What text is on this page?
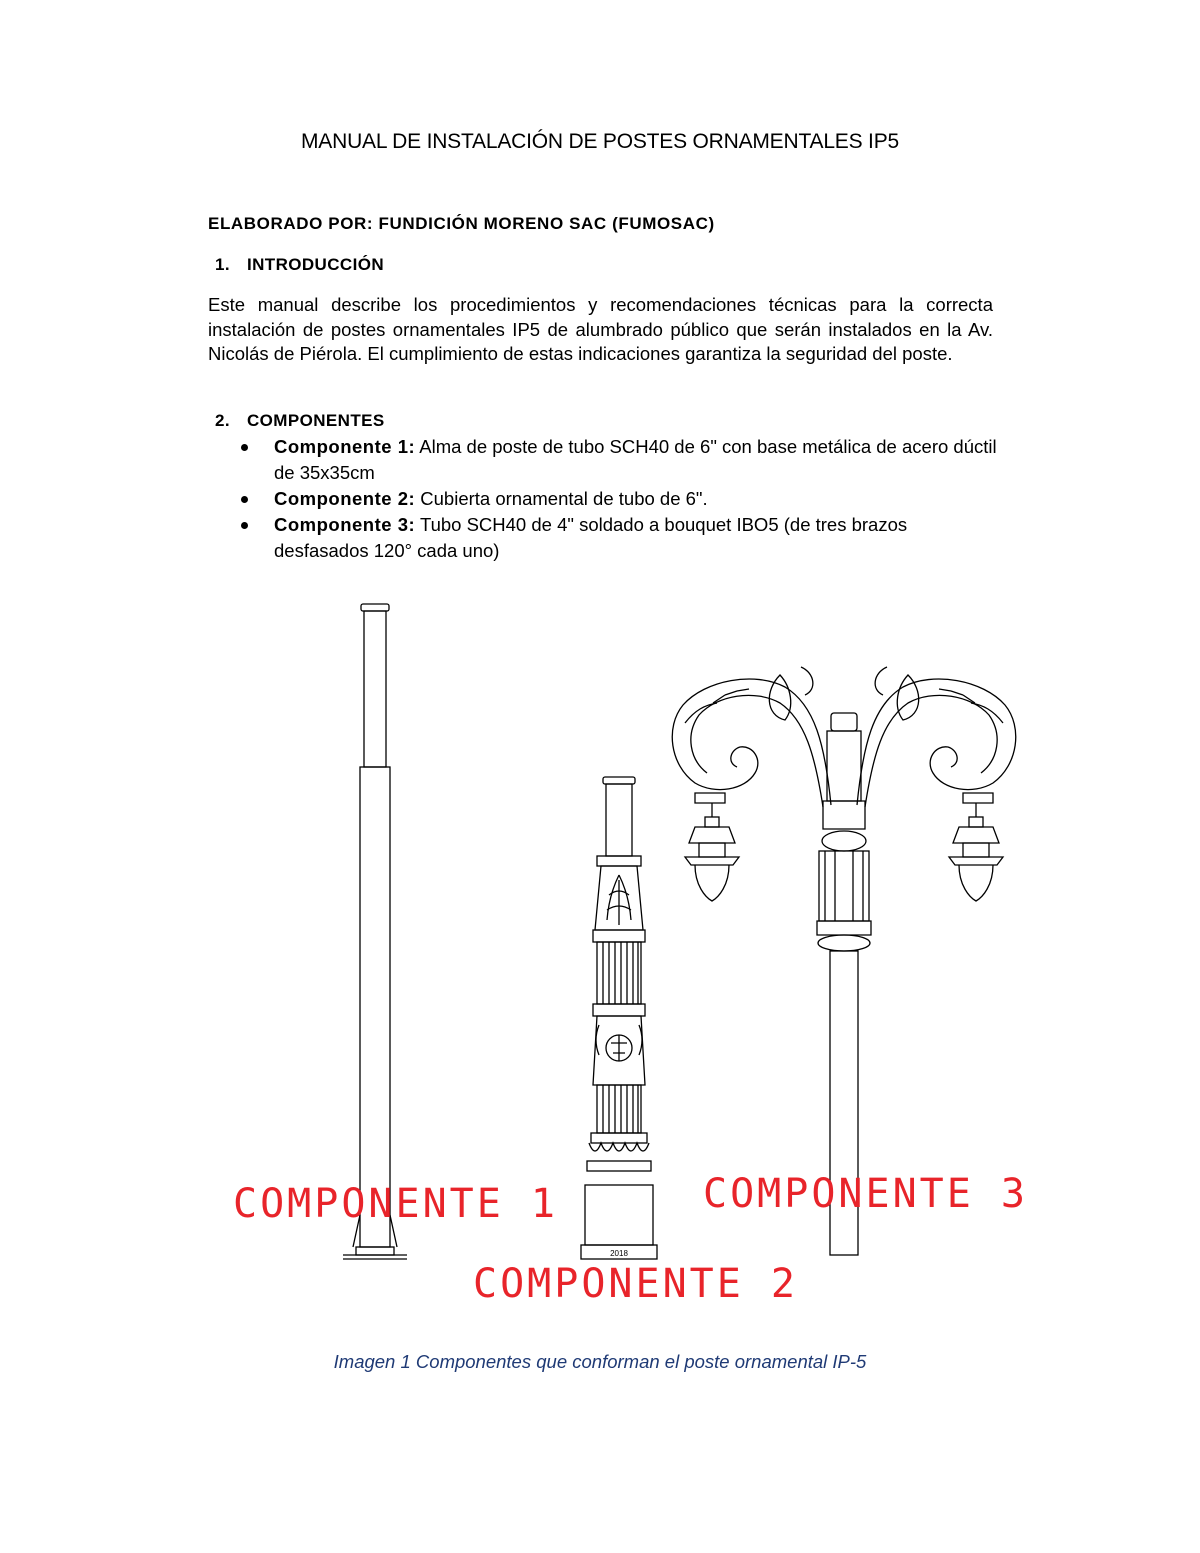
MANUAL DE INSTALACIÓN DE POSTES ORNAMENTALES IP5
ELABORADO POR: FUNDICIÓN MORENO SAC (FUMOSAC)
1. INTRODUCCIÓN
Este manual describe los procedimientos y recomendaciones técnicas para la correcta instalación de postes ornamentales IP5 de alumbrado público que serán instalados en la Av. Nicolás de Piérola. El cumplimiento de estas indicaciones garantiza la seguridad del poste.
2. COMPONENTES
Componente 1: Alma de poste de tubo SCH40 de 6" con base metálica de acero dúctil de 35x35cm
Componente 2: Cubierta ornamental de tubo de 6".
Componente 3: Tubo SCH40 de 4" soldado a bouquet IBO5 (de tres brazos desfasados 120° cada uno)
2018
COMPONENTE 1
COMPONENTE 2
COMPONENTE 3
Imagen 1 Componentes que conforman el poste ornamental IP-5
